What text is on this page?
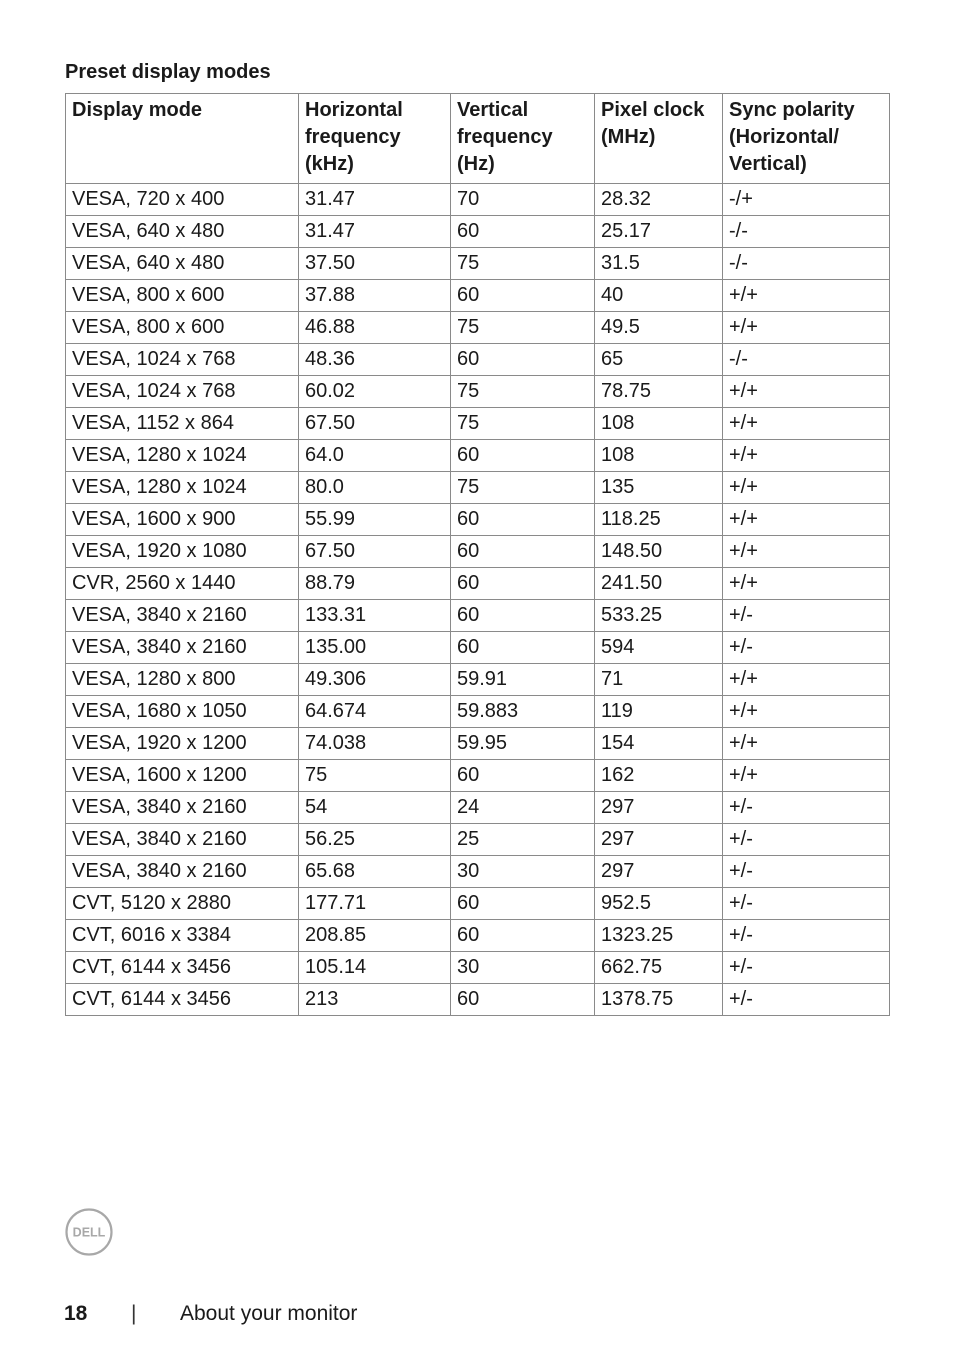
Preset display modes
Display mode	Horizontal frequency (kHz)	Vertical frequency (Hz)	Pixel clock (MHz)	Sync polarity (Horizontal/ Vertical)
VESA, 720 x 400	31.47	70	28.32	-/+
VESA, 640 x 480	31.47	60	25.17	-/-
VESA, 640 x 480	37.50	75	31.5	-/-
VESA, 800 x 600	37.88	60	40	+/+
VESA, 800 x 600	46.88	75	49.5	+/+
VESA, 1024 x 768	48.36	60	65	-/-
VESA, 1024 x 768	60.02	75	78.75	+/+
VESA, 1152 x 864	67.50	75	108	+/+
VESA, 1280 x 1024	64.0	60	108	+/+
VESA, 1280 x 1024	80.0	75	135	+/+
VESA, 1600 x 900	55.99	60	118.25	+/+
VESA, 1920 x 1080	67.50	60	148.50	+/+
CVR, 2560 x 1440	88.79	60	241.50	+/+
VESA, 3840 x 2160	133.31	60	533.25	+/-
VESA, 3840 x 2160	135.00	60	594	+/-
VESA, 1280 x 800	49.306	59.91	71	+/+
VESA, 1680 x 1050	64.674	59.883	119	+/+
VESA, 1920 x 1200	74.038	59.95	154	+/+
VESA, 1600 x 1200	75	60	162	+/+
VESA, 3840 x 2160	54	24	297	+/-
VESA, 3840 x 2160	56.25	25	297	+/-
VESA, 3840 x 2160	65.68	30	297	+/-
CVT, 5120 x 2880	177.71	60	952.5	+/-
CVT, 6016 x 3384	208.85	60	1323.25	+/-
CVT, 6144 x 3456	105.14	30	662.75	+/-
CVT, 6144 x 3456	213	60	1378.75	+/-
DELL
18 | About your monitor
